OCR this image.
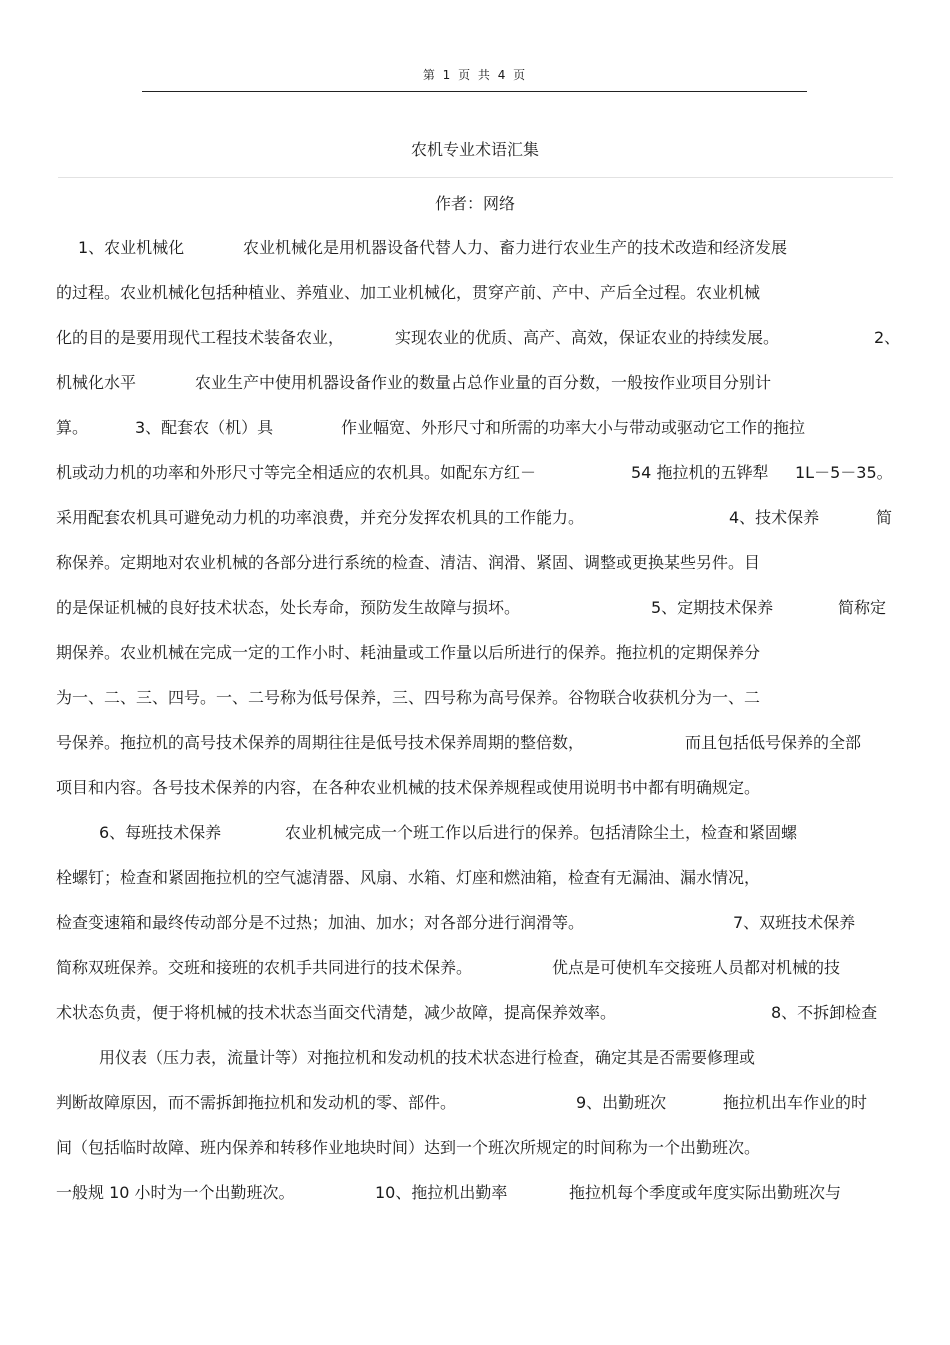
第 1 页 共 4 页
农机专业术语汇集
作者：网络

1、农业机械化

	农业机械化是用机器设备代替人力、畜力进行农业生产的技术改造和经济发展

的过程。农业机械化包括种植业、养殖业、加工业机械化，贯穿产前、产中、产后全过程。农业机械

化的目的是要用现代工程技术装备农业，

	实现农业的优质、高产、高效，保证农业的持续发展。

	2、

机械化水平

	农业生产中使用机器设备作业的数量占总作业量的百分数，一般按作业项目分别计

算。

	3、配套农（机）具

	作业幅宽、外形尺寸和所需的功率大小与带动或驱动它工作的拖拉

机或动力机的功率和外形尺寸等完全相适应的农机具。如配东方红－

	54 拖拉机的五铧犁

1L－5－35。

采用配套农机具可避免动力机的功率浪费，并充分发挥农机具的工作能力。

	4、技术保养

	简

称保养。定期地对农业机械的各部分进行系统的检查、清洁、润滑、紧固、调整或更换某些另件。目

的是保证机械的良好技术状态，处长寿命，预防发生故障与损坏。

	5、定期技术保养

	简称定

期保养。农业机械在完成一定的工作小时、耗油量或工作量以后所进行的保养。拖拉机的定期保养分

为一、二、三、四号。一、二号称为低号保养，三、四号称为高号保养。谷物联合收获机分为一、二

号保养。拖拉机的高号技术保养的周期往往是低号技术保养周期的整倍数，

	而且包括低号保养的全部

项目和内容。各号技术保养的内容，在各种农业机械的技术保养规程或使用说明书中都有明确规定。

6、每班技术保养

	农业机械完成一个班工作以后进行的保养。包括清除尘土，检查和紧固螺

栓螺钉；检查和紧固拖拉机的空气滤清器、风扇、水箱、灯座和燃油箱，检查有无漏油、漏水情况，

检查变速箱和最终传动部分是不过热；加油、加水；对各部分进行润滑等。

	7、双班技术保养

简称双班保养。交班和接班的农机手共同进行的技术保养。

	优点是可使机车交接班人员都对机械的技

术状态负责，便于将机械的技术状态当面交代清楚，减少故障，提高保养效率。

	8、不拆卸检查

用仪表（压力表，流量计等）对拖拉机和发动机的技术状态进行检查，确定其是否需要修理或

判断故障原因，而不需拆卸拖拉机和发动机的零、部件。

	9、出勤班次

	拖拉机出车作业的时

间（包括临时故障、班内保养和转移作业地块时间）达到一个班次所规定的时间称为一个出勤班次。

一般规 10 小时为一个出勤班次。

	10、拖拉机出勤率

	拖拉机每个季度或年度实际出勤班次与
